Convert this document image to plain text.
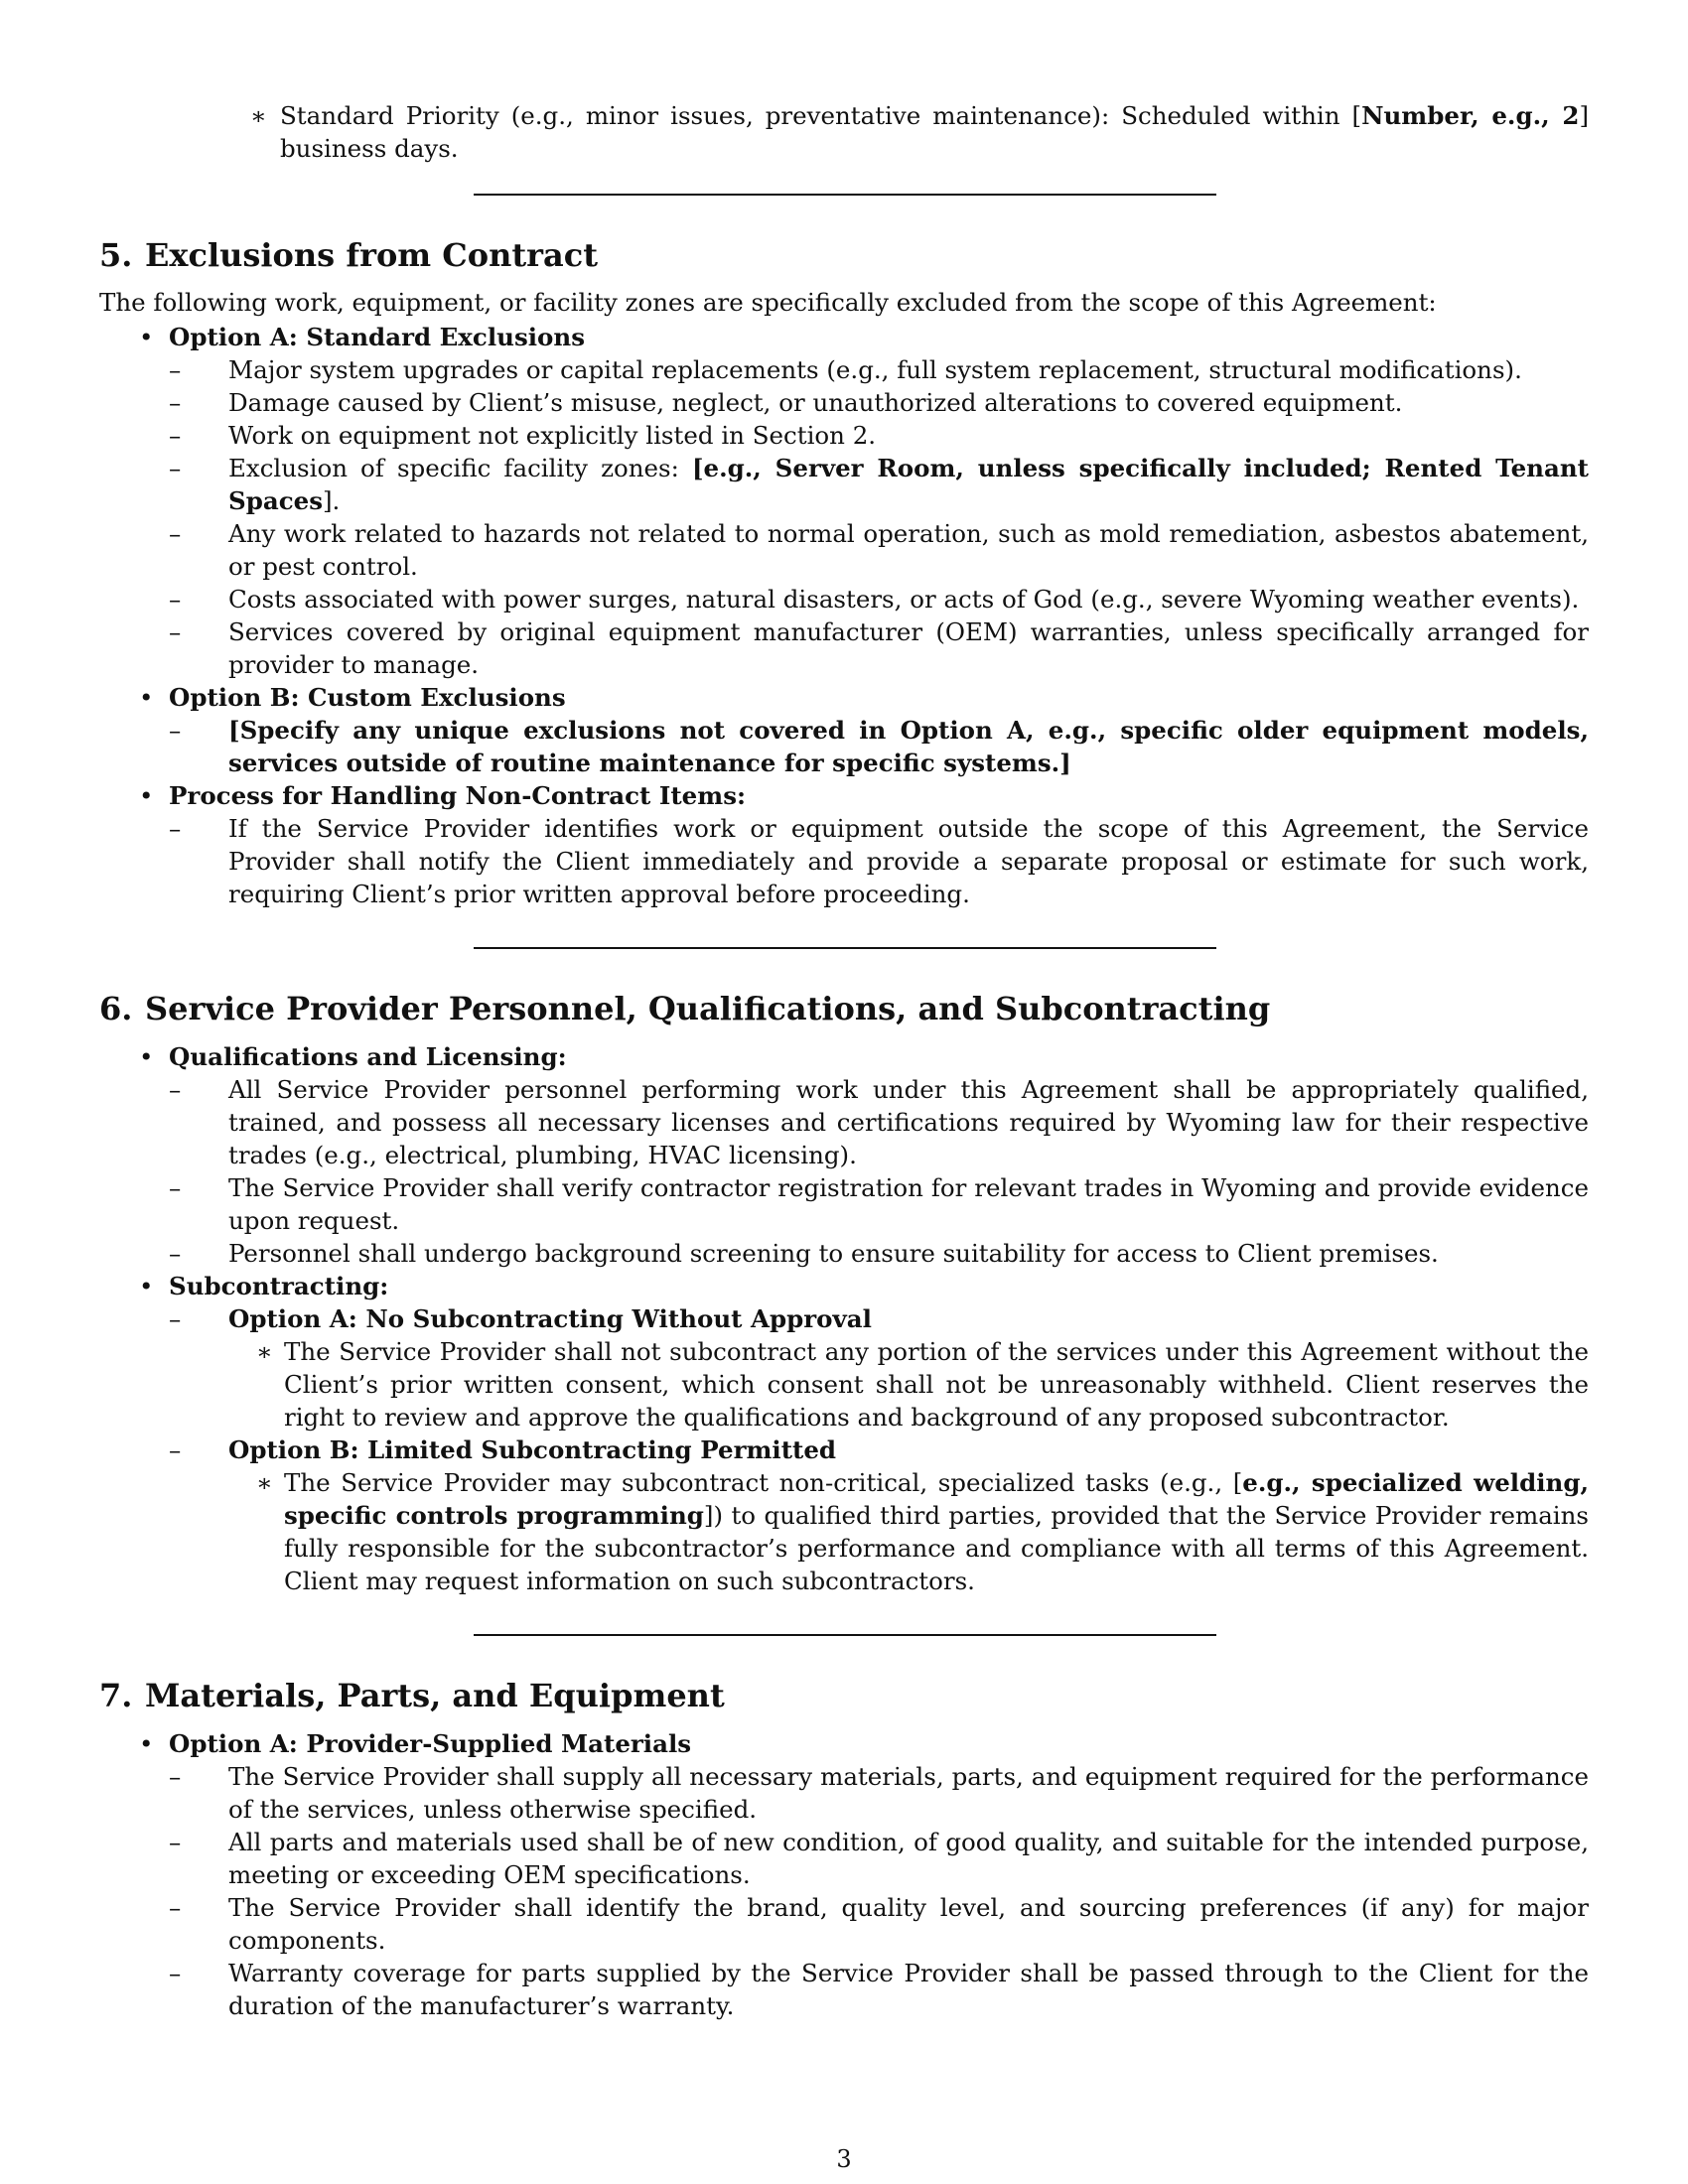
∗ Standard Priority (e.g., minor issues, preventative maintenance): Scheduled within [Number, e.g., 2] business days.
5. Exclusions from Contract

The following work, equipment, or facility zones are specifically excluded from the scope of this Agreement:

• Option A: Standard Exclusions
–	Major system upgrades or capital replacements (e.g., full system replacement, structural modifications).
–	Damage caused by Client’s misuse, neglect, or unauthorized alterations to covered equipment.
–	Work on equipment not explicitly listed in Section 2.
–	Exclusion of specific facility zones: [e.g., Server Room, unless specifically included; Rented Tenant Spaces].
–	Any work related to hazards not related to normal operation, such as mold remediation, asbestos abatement, or pest control.
–	Costs associated with power surges, natural disasters, or acts of God (e.g., severe Wyoming weather events).
–	Services covered by original equipment manufacturer (OEM) warranties, unless specifically arranged for provider to manage.
• Option B: Custom Exclusions
–	[Specify any unique exclusions not covered in Option A, e.g., specific older equipment models, services outside of routine maintenance for specific systems.]
• Process for Handling Non-Contract Items:
–	If the Service Provider identifies work or equipment outside the scope of this Agreement, the Service Provider shall notify the Client immediately and provide a separate proposal or estimate for such work, requiring Client’s prior written approval before proceeding.
6. Service Provider Personnel, Qualifications, and Subcontracting
• Qualifications and Licensing:
–	All Service Provider personnel performing work under this Agreement shall be appropriately qualified, trained, and possess all necessary licenses and certifications required by Wyoming law for their respective trades (e.g., electrical, plumbing, HVAC licensing).
–	The Service Provider shall verify contractor registration for relevant trades in Wyoming and provide evidence upon request.
–	Personnel shall undergo background screening to ensure suitability for access to Client premises.
• Subcontracting:
–	Option A: No Subcontracting Without Approval
∗ The Service Provider shall not subcontract any portion of the services under this Agreement without the Client’s prior written consent, which consent shall not be unreasonably withheld. Client reserves the right to review and approve the qualifications and background of any proposed subcontractor.
–	Option B: Limited Subcontracting Permitted
∗ The Service Provider may subcontract non-critical, specialized tasks (e.g., [e.g., specialized welding, specific controls programming]) to qualified third parties, provided that the Service Provider remains fully responsible for the subcontractor’s performance and compliance with all terms of this Agreement. Client may request information on such subcontractors.
7. Materials, Parts, and Equipment
• Option A: Provider-Supplied Materials
–	The Service Provider shall supply all necessary materials, parts, and equipment required for the performance of the services, unless otherwise specified.
–	All parts and materials used shall be of new condition, of good quality, and suitable for the intended purpose, meeting or exceeding OEM specifications.
–	The Service Provider shall identify the brand, quality level, and sourcing preferences (if any) for major components.
–	Warranty coverage for parts supplied by the Service Provider shall be passed through to the Client for the duration of the manufacturer’s warranty.
3
